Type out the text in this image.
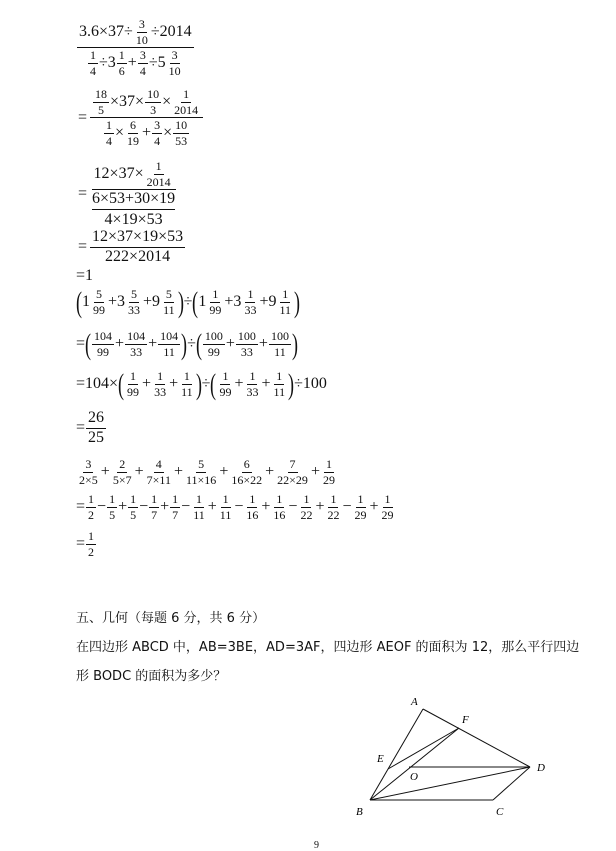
$\frac{3.6\times 37\div \frac{3}{10} \div 2014}{\frac{1}{4} \div 3 \frac{1}{6} + \frac{3}{4} \div 5 \frac{3}{10}}$
= $\frac{\frac{18}{5} \times 37\times \frac{10}{3} \times \frac{1}{2014}}{\frac{1}{4} \times \frac{6}{19} + \frac{3}{4} \times \frac{10}{53}}$
= $12\times 37\times \frac{1}{2014}$
6×53+30×19
4×19×53
= $\frac{12\times 37\times 19\times 53}{222\times 2014}$
=1
( $1 \frac{5}{99} +3 \frac{5}{33} +9 \frac{5}{11}$ ) ÷ ( $1 \frac{1}{99} +3 \frac{1}{33} +9 \frac{1}{11}$ )
= ( $\frac{104}{99} + \frac{104}{33} + \frac{104}{11}$ ) ÷ ( $\frac{100}{99} + \frac{100}{33} + \frac{100}{11}$ )
=104× ( $\frac{1}{99} + \frac{1}{33} + \frac{1}{11}$ ) ÷ ( $\frac{1}{99} + \frac{1}{33} + \frac{1}{11}$ ) ÷100
= $\frac{26}{25}$
$\frac{3}{2\times 5} + \frac{2}{5\times 7} + \frac{4}{7\times 11} + \frac{5}{11\times 16} + \frac{6}{16\times 22} + \frac{7}{22\times 29} + \frac{1}{29}$
= $\frac{1}{2} - \frac{1}{5} + \frac{1}{5} - \frac{1}{7} + \frac{1}{7} - \frac{1}{11} + \frac{1}{11} - \frac{1}{16} + \frac{1}{16} - \frac{1}{22} + \frac{1}{22} - \frac{1}{29} + \frac{1}{29}$
= $\frac{1}{2}$
五、几何（每题 6 分，共 6 分）
在四边形 ABCD 中，AB=3BE，AD=3AF，四边形 AEOF 的面积为 12，那么平行四边
形 BODC 的面积为多少？
A
F
E
O
D
B	C
9
